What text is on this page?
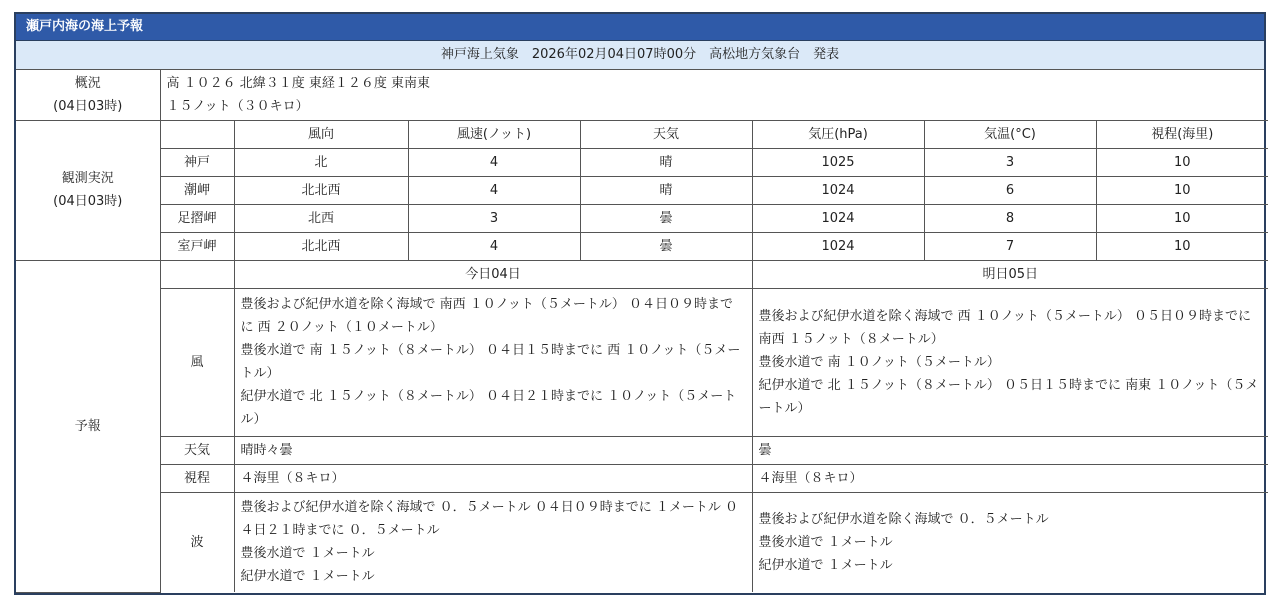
瀬戸内海の海上予報
神戸海上気象　2026年02月04日07時00分　高松地方気象台　発表
概況
(04日03時)	高 １０２６ 北緯３１度 東経１２６度 東南東
１５ノット（３０キロ）						

観測実況
(04日03時)		風向	風速(ノット)	天気	気圧(hPa)	気温(°C)	視程(海里)
	神戸	北	4	晴	1025	3	10
	潮岬	北北西	4	晴	1024	6	10
	足摺岬	北西	3	曇	1024	8	10
	室戸岬	北北西	4	曇	1024	7	10
予報		今日04日			明日05日		
	風	豊後および紀伊水道を除く海域で 南西 １０ノット（５メートル） ０４日０９時までに 西 ２０ノット（１０メートル）
豊後水道で 南 １５ノット（８メートル） ０４日１５時までに 西 １０ノット（５メートル）
紀伊水道で 北 １５ノット（８メートル） ０４日２１時までに １０ノット（５メートル）			豊後および紀伊水道を除く海域で 西 １０ノット（５メートル） ０５日０９時までに 南西 １５ノット（８メートル）
豊後水道で 南 １０ノット（５メートル）
紀伊水道で 北 １５ノット（８メートル） ０５日１５時までに 南東 １０ノット（５メートル）		

	天気	晴時々曇			曇		
	視程	４海里（８キロ）			４海里（８キロ）		
	波	豊後および紀伊水道を除く海域で ０．５メートル ０４日０９時までに １メートル ０４日２１時までに ０．５メートル
豊後水道で １メートル
紀伊水道で １メートル			豊後および紀伊水道を除く海域で ０．５メートル
豊後水道で １メートル
紀伊水道で １メートル		
